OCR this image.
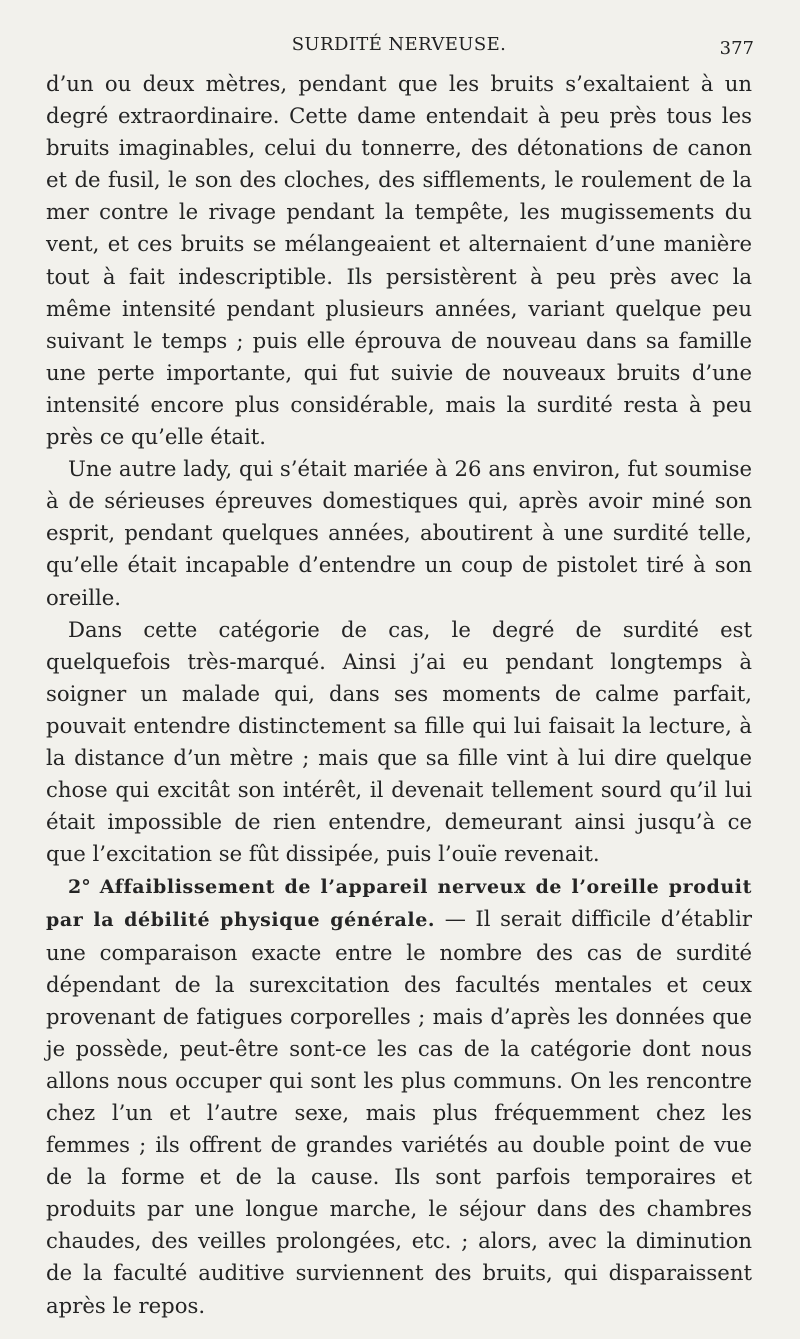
SURDITÉ NERVEUSE.	377

d’un ou deux mètres, pendant que les bruits s’exaltaient à un degré extraordinaire. Cette dame entendait à peu près tous les bruits imaginables, celui du tonnerre, des détonations de canon et de fusil, le son des cloches, des sifflements, le roulement de la mer contre le rivage pendant la tempête, les mugissements du vent, et ces bruits se mélangeaient et alternaient d’une manière tout à fait indescriptible. Ils persistèrent à peu près avec la même intensité pendant plusieurs années, variant quelque peu suivant le temps ; puis elle éprouva de nouveau dans sa famille une perte importante, qui fut suivie de nouveaux bruits d’une intensité encore plus considérable, mais la surdité resta à peu près ce qu’elle était.

Une autre lady, qui s’était mariée à 26 ans environ, fut soumise à de sérieuses épreuves domestiques qui, après avoir miné son esprit, pendant quelques années, aboutirent à une surdité telle, qu’elle était incapable d’entendre un coup de pistolet tiré à son oreille.

Dans cette catégorie de cas, le degré de surdité est quelquefois très-marqué. Ainsi j’ai eu pendant longtemps à soigner un malade qui, dans ses moments de calme parfait, pouvait entendre distinctement sa fille qui lui faisait la lecture, à la distance d’un mètre ; mais que sa fille vint à lui dire quelque chose qui excitât son intérêt, il devenait tellement sourd qu’il lui était impossible de rien entendre, demeurant ainsi jusqu’à ce que l’excitation se fût dissipée, puis l’ouïe revenait.

2° Affaiblissement de l’appareil nerveux de l’oreille produit par la débilité physique générale. — Il serait difficile d’établir une comparaison exacte entre le nombre des cas de surdité dépendant de la surexcitation des facultés mentales et ceux provenant de fatigues corporelles ; mais d’après les données que je possède, peut-être sont-ce les cas de la catégorie dont nous allons nous occuper qui sont les plus communs. On les rencontre chez l’un et l’autre sexe, mais plus fréquemment chez les femmes ; ils offrent de grandes variétés au double point de vue de la forme et de la cause. Ils sont parfois temporaires et produits par une longue marche, le séjour dans des chambres chaudes, des veilles prolongées, etc. ; alors, avec la diminution de la faculté auditive surviennent des bruits, qui disparaissent après le repos.
